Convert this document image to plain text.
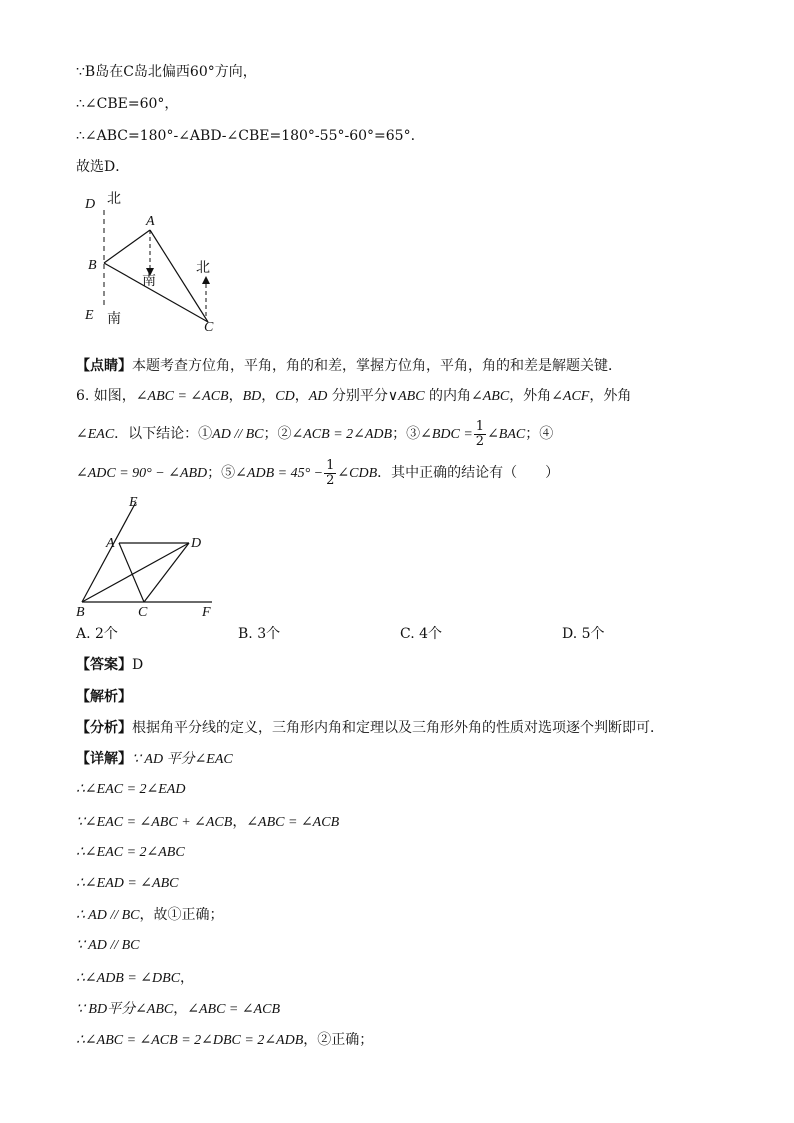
∵B岛在C岛北偏西60°方向，
∴∠CBE=60°，
∴∠ABC=180°-∠ABD-∠CBE=180°-55°-60°=65°.
故选D．
D 北
A
B
南
北
E 南
C
【点睛】本题考查方位角，平角，角的和差，掌握方位角，平角，角的和差是解题关键．
6. 如图，∠ABC = ∠ACB，BD，CD，AD 分别平分∨ABC 的内角∠ABC，外角∠ACF，外角
∠EAC．以下结论：①AD // BC；②∠ACB = 2∠ADB；③∠BDC = $\frac{1}{2}$ ∠BAC；④
∠ADC = 90° − ∠ABD；⑤∠ADB = $45^\circ - \frac{1}{2}$ ∠CDB．其中正确的结论有（　　）
E
A	D
B	C	F
A. 2个	B. 3个	C. 4个	D. 5个
【答案】D
【解析】
【分析】根据角平分线的定义，三角形内角和定理以及三角形外角的性质对选项逐个判断即可．
【详解】∵ AD 平分∠EAC
∴∠EAC = 2∠EAD
∵∠EAC = ∠ABC + ∠ACB，∠ABC = ∠ACB
∴∠EAC = 2∠ABC
∴∠EAD = ∠ABC
∴ AD // BC，故①正确；
∵ AD // BC
∴∠ADB = ∠DBC，
∵ BD平分∠ABC，∠ABC = ∠ACB
∴∠ABC = ∠ACB = 2∠DBC = 2∠ADB，②正确；
